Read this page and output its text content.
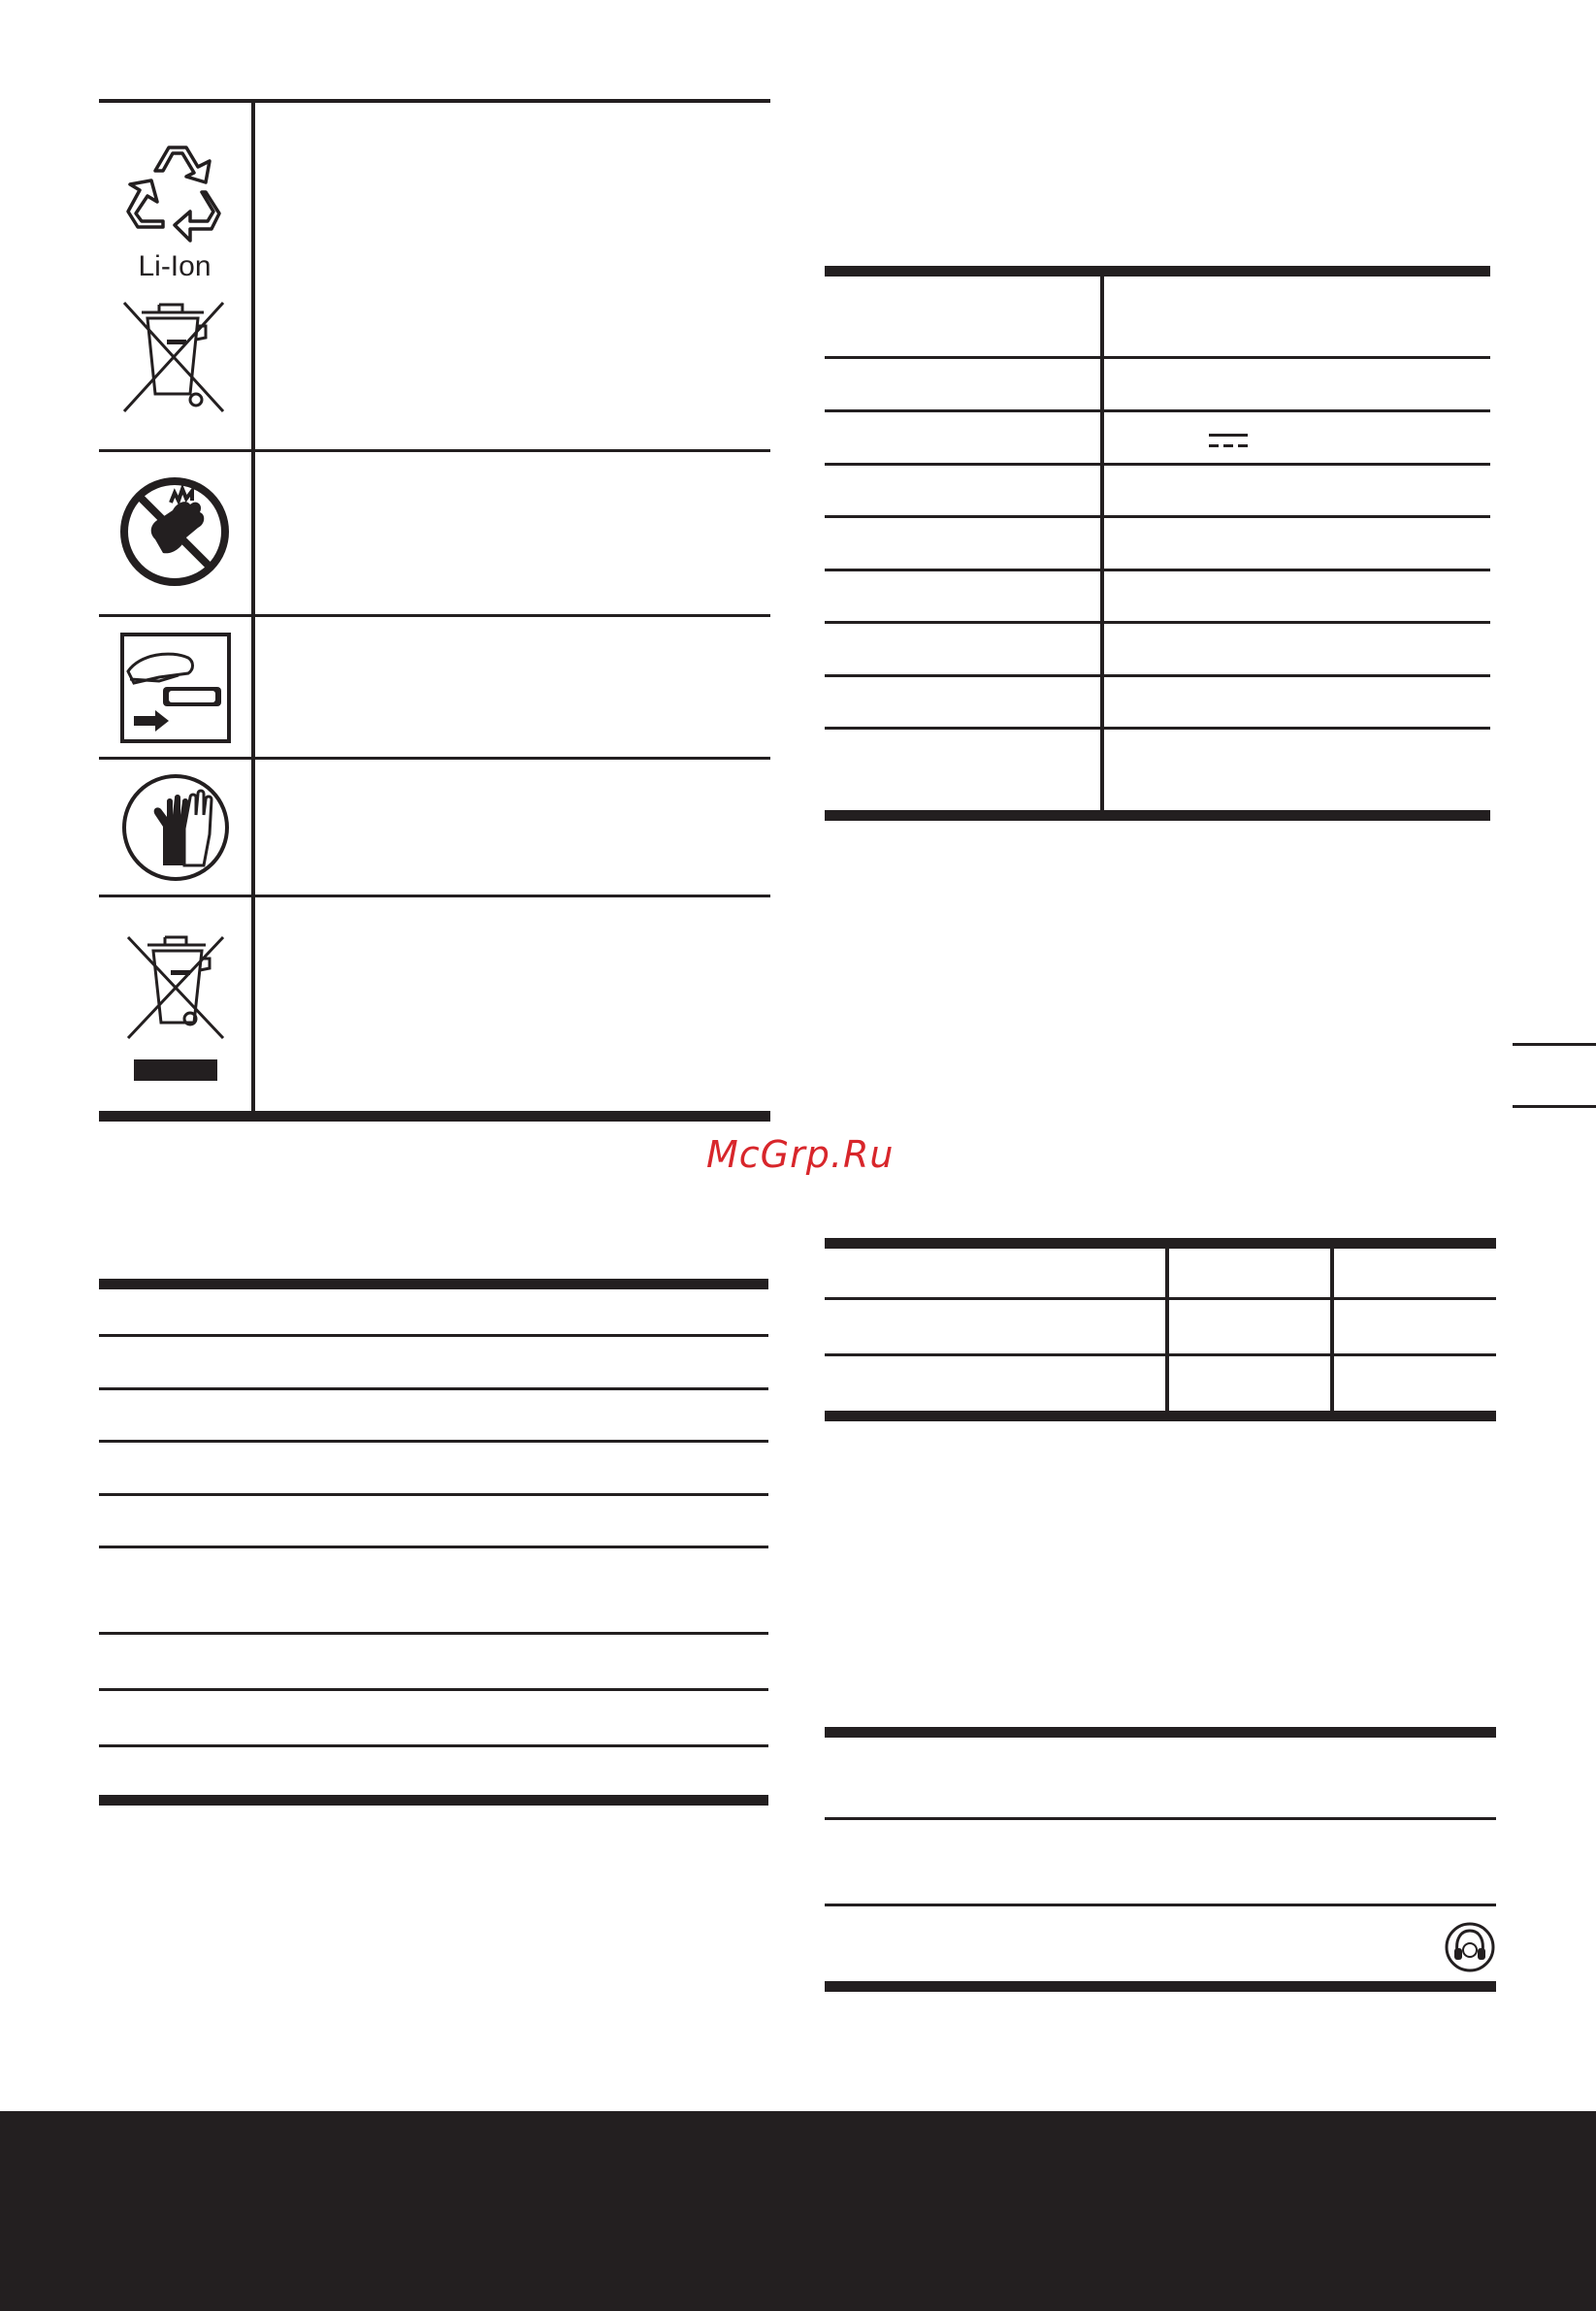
Li-Ion
McGrp.Ru
